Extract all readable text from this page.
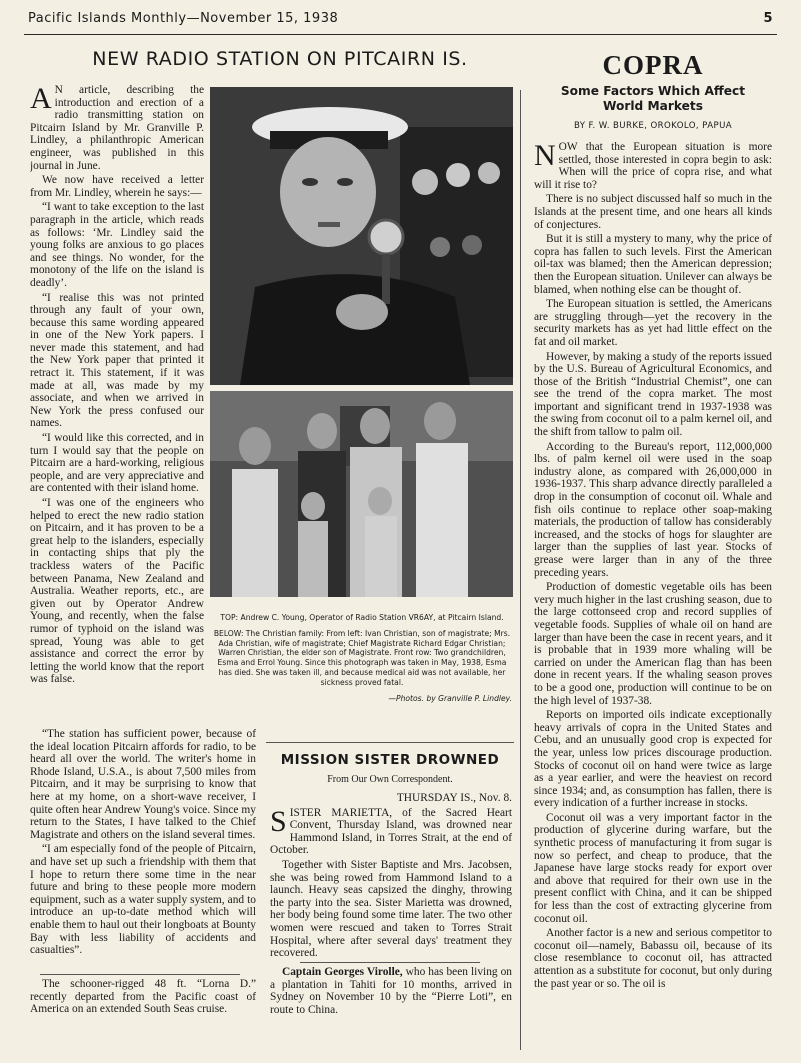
Pacific Islands Monthly—November 15, 1938	5
NEW RADIO STATION ON PITCAIRN IS.

A N article, describing the introduction and erection of a radio transmitting station on Pitcairn Island by Mr. Granville P. Lindley, a philanthropic American engineer, was published in this journal in June.

We now have received a letter from Mr. Lindley, wherein he says:—

“I want to take exception to the last paragraph in the article, which reads as follows: ‘Mr. Lindley said the young folks are anxious to go places and see things. No wonder, for the monotony of the life on the island is deadly’.

“I realise this was not printed through any fault of your own, because this same wording appeared in one of the New York papers. I never made this statement, and had the New York paper that printed it retract it. This statement, if it was made at all, was made by my associate, and when we arrived in New York the press confused our names.

“I would like this corrected, and in turn I would say that the people on Pitcairn are a hard-working, religious people, and are very appreciative and are contented with their island home.

“I was one of the engineers who helped to erect the new radio station on Pitcairn, and it has proven to be a great help to the islanders, especially in contacting ships that ply the trackless waters of the Pacific between Panama, New Zealand and Australia. Weather reports, etc., are given out by Operator Andrew Young, and recently, when the false rumor of typhoid on the island was spread, Young was able to get assistance and correct the error by letting the world know that the report was false.

TOP: Andrew C. Young, Operator of Radio Station VR6AY, at Pitcairn Island.

BELOW: The Christian family: From left: Ivan Christian, son of magistrate; Mrs. Ada Christian, wife of magistrate; Chief Magistrate Richard Edgar Christian; Warren Christian, the elder son of Magistrate. Front row: Two grandchildren, Esma and Errol Young. Since this photograph was taken in May, 1938, Esma has died. She was taken ill, and because medical aid was not available, her sickness proved fatal.

—Photos. by Granville P. Lindley.

“The station has sufficient power, because of the ideal location Pitcairn affords for radio, to be heard all over the world. The writer's home in Rhode Island, U.S.A., is about 7,500 miles from Pitcairn, and it may be surprising to know that here at my home, on a short-wave receiver, I quite often hear Andrew Young's voice. Since my return to the States, I have talked to the Chief Magistrate and others on the island several times.

“I am especially fond of the people of Pitcairn, and have set up such a friendship with them that I hope to return there some time in the near future and bring to these people more modern equipment, such as a water supply system, and to introduce an up-to-date method which will enable them to haul out their longboats at Bounty Bay with less liability of accidents and casualties”.

The schooner-rigged 48 ft. “Lorna D.” recently departed from the Pacific coast of America on an extended South Seas cruise.

MISSION SISTER DROWNED
From Our Own Correspondent.

THURSDAY IS., Nov. 8.

SISTER MARIETTA, of the Sacred Heart Convent, Thursday Island, was drowned near Hammond Island, in Torres Strait, at the end of October.

Together with Sister Baptiste and Mrs. Jacobsen, she was being rowed from Hammond Island to a launch. Heavy seas capsized the dinghy, throwing the party into the sea. Sister Marietta was drowned, her body being found some time later. The two other women were rescued and taken to Torres Strait Hospital, where after several days' treatment they recovered.

Captain Georges Virolle, who has been living on a plantation in Tahiti for 10 months, arrived in Sydney on November 10 by the “Pierre Loti”, en route to China.

COPRA
Some Factors Which Affect
World Markets
BY F. W. BURKE, OROKOLO, PAPUA

NOW that the European situation is more settled, those interested in copra begin to ask: When will the price of copra rise, and what will it rise to?

There is no subject discussed half so much in the Islands at the present time, and one hears all kinds of conjectures.

But it is still a mystery to many, why the price of copra has fallen to such levels. First the American oil-tax was blamed; then the American depression; then the European situation. Unilever can always be blamed, when nothing else can be thought of.

The European situation is settled, the Americans are struggling through—yet the recovery in the security markets has as yet had little effect on the fat and oil market.

However, by making a study of the reports issued by the U.S. Bureau of Agricultural Economics, and those of the British “Industrial Chemist”, one can see the trend of the copra market. The most important and significant trend in 1937-1938 was the swing from coconut oil to a palm kernel oil, and the shift from tallow to palm oil.

According to the Bureau's report, 112,000,000 lbs. of palm kernel oil were used in the soap industry alone, as compared with 26,000,000 in 1936-1937. This sharp advance directly paralleled a drop in the consumption of coconut oil. Whale and fish oils continue to replace other soap-making materials, the production of tallow has considerably increased, and the stocks of hogs for slaughter are larger than the supplies of last year. Stocks of grease were larger than in any of the three preceding years.

Production of domestic vegetable oils has been very much higher in the last crushing season, due to the large cottonseed crop and record supplies of vegetable foods. Supplies of whale oil on hand are larger than have been the case in recent years, and it is probable that in 1939 more whaling will be carried on under the American flag than has been done in recent years. If the whaling season proves to be a good one, production will continue to be on the high level of 1937-38.

Reports on imported oils indicate exceptionally heavy arrivals of copra in the United States and Cebu, and an unusually good crop is expected for the year, unless low prices discourage production. Stocks of coconut oil on hand were twice as large as a year earlier, and were the heaviest on record since 1934; and, as consumption has fallen, there is every indication of a further increase in stocks.

Coconut oil was a very important factor in the production of glycerine during warfare, but the synthetic process of manufacturing it from sugar is now so perfect, and cheap to produce, that the Japanese have large stocks ready for export over and above that required for their own use in the present conflict with China, and it can be shipped for less than the cost of extracting glycerine from coconut oil.

Another factor is a new and serious competitor to coconut oil—namely, Babassu oil, because of its close resemblance to coconut oil, has attracted attention as a substitute for coconut, but only during the past year or so. The oil is
